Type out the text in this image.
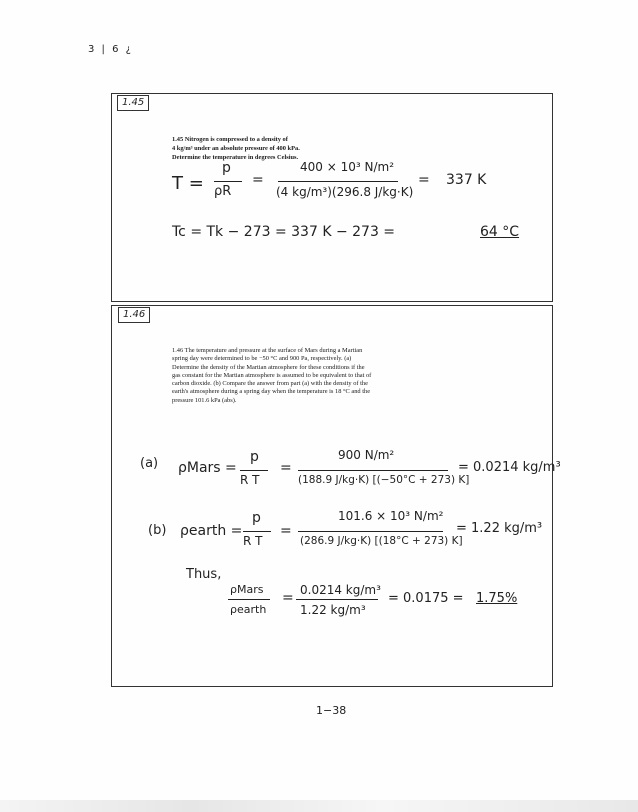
3 | 6 ¿
1.45
1.45 Nitrogen is compressed to a density of
4 kg/m³ under an absolute pressure of 400 kPa.
Determine the temperature in degrees Celsius.
T =
p
ρR
=
400 × 10³ N/m²
(4 kg/m³)(296.8 J/kg·K)
= 337 K
Tc = Tk − 273 = 337 K − 273 =	64 °C
1.46
1.46 The temperature and pressure at the surface of Mars during a Martian spring day were determined to be −50 °C and 900 Pa, respectively. (a) Determine the density of the Martian atmosphere for these conditions if the gas constant for the Martian atmosphere is assumed to be equivalent to that of carbon dioxide. (b) Compare the answer from part (a) with the density of the earth's atmosphere during a spring day when the temperature is 18 °C and the pressure 101.6 kPa (abs).
(a) ρMars =
p
R T
=
900 N/m²
(188.9 J/kg·K) [(−50°C + 273) K]
= 0.0214 kg/m³
(b) ρearth =
p
R T
=
101.6 × 10³ N/m²
(286.9 J/kg·K) [(18°C + 273) K]
= 1.22 kg/m³
Thus,
ρMars
ρearth
= 0.0214 kg/m³
1.22 kg/m³
= 0.0175 = 1.75%
1−38
